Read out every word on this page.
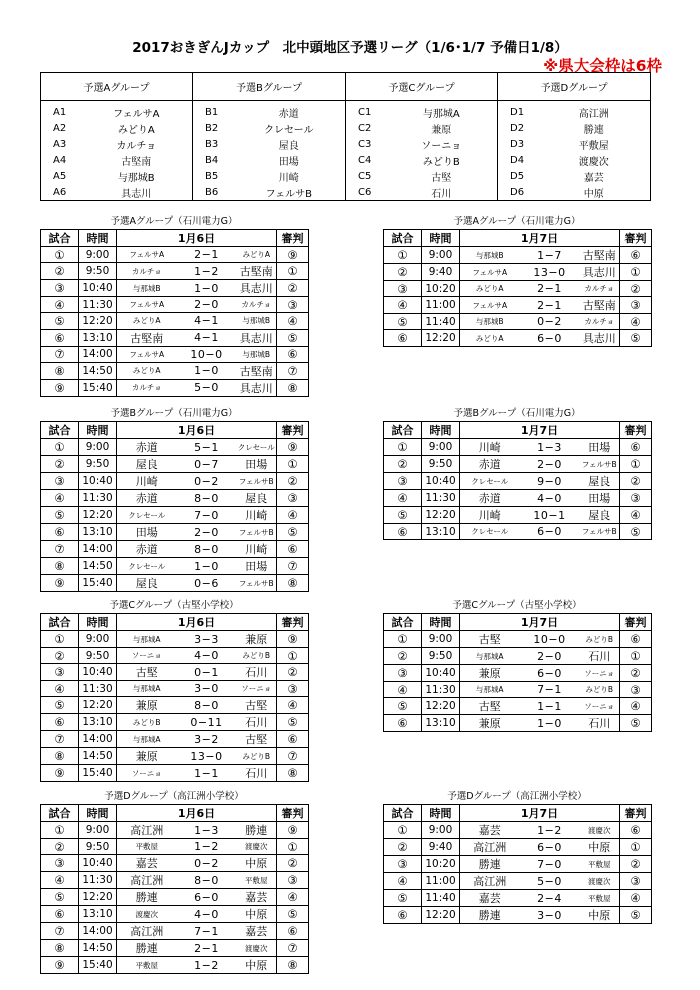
2017おきぎんJカップ　北中頭地区予選リーグ（1/6･1/7 予備日1/8）
※県大会枠は6枠
予選Aグループ		予選Bグループ		予選Cグループ		予選Dグループ	
A1	フェルサA	B1	赤道	C1	与那城A	D1	高江洲
A2	みどりA	B2	クレセール	C2	兼原	D2	勝連
A3	カルチョ	B3	屋良	C3	ソーニョ	D3	平敷屋
A4	古堅南	B4	田場	C4	みどりB	D4	渡慶次
A5	与那城B	B5	川崎	C5	古堅	D5	嘉芸
A6	具志川	B6	フェルサB	C6	石川	D6	中原
予選Aグループ（石川電力G）
試合	時間	1月6日			審判
①	9:00	フェルサA	2−1	みどりA	⑨
②	9:50	カルチョ	1−2	古堅南	①
③	10:40	与那城B	1−0	具志川	②
④	11:30	フェルサA	2−0	カルチョ	③
⑤	12:20	みどりA	4−1	与那城B	④
⑥	13:10	古堅南	4−1	具志川	⑤
⑦	14:00	フェルサA	10−0	与那城B	⑥
⑧	14:50	みどりA	1−0	古堅南	⑦
⑨	15:40	カルチョ	5−0	具志川	⑧
予選Aグループ（石川電力G）
試合	時間	1月7日			審判
①	9:00	与那城B	1−7	古堅南	⑥
②	9:40	フェルサA	13−0	具志川	①
③	10:20	みどりA	2−1	カルチョ	②
④	11:00	フェルサA	2−1	古堅南	③
⑤	11:40	与那城B	0−2	カルチョ	④
⑥	12:20	みどりA	6−0	具志川	⑤
予選Bグループ（石川電力G）
試合	時間	1月6日			審判
①	9:00	赤道	5−1	クレセール	⑨
②	9:50	屋良	0−7	田場	①
③	10:40	川崎	0−2	フェルサB	②
④	11:30	赤道	8−0	屋良	③
⑤	12:20	クレセール	7−0	川崎	④
⑥	13:10	田場	2−0	フェルサB	⑤
⑦	14:00	赤道	8−0	川崎	⑥
⑧	14:50	クレセール	1−0	田場	⑦
⑨	15:40	屋良	0−6	フェルサB	⑧
予選Bグループ（石川電力G）
試合	時間	1月7日			審判
①	9:00	川崎	1−3	田場	⑥
②	9:50	赤道	2−0	フェルサB	①
③	10:40	クレセール	9−0	屋良	②
④	11:30	赤道	4−0	田場	③
⑤	12:20	川崎	10−1	屋良	④
⑥	13:10	クレセール	6−0	フェルサB	⑤
予選Cグループ（古堅小学校）
試合	時間	1月6日			審判
①	9:00	与那城A	3−3	兼原	⑨
②	9:50	ソーニョ	4−0	みどりB	①
③	10:40	古堅	0−1	石川	②
④	11:30	与那城A	3−0	ソーニョ	③
⑤	12:20	兼原	8−0	古堅	④
⑥	13:10	みどりB	0−11	石川	⑤
⑦	14:00	与那城A	3−2	古堅	⑥
⑧	14:50	兼原	13−0	みどりB	⑦
⑨	15:40	ソーニョ	1−1	石川	⑧
予選Cグループ（古堅小学校）
試合	時間	1月7日			審判
①	9:00	古堅	10−0	みどりB	⑥
②	9:50	与那城A	2−0	石川	①
③	10:40	兼原	6−0	ソーニョ	②
④	11:30	与那城A	7−1	みどりB	③
⑤	12:20	古堅	1−1	ソーニョ	④
⑥	13:10	兼原	1−0	石川	⑤
予選Dグループ（高江洲小学校）
試合	時間	1月6日			審判
①	9:00	高江洲	1−3	勝連	⑨
②	9:50	平敷屋	1−2	渡慶次	①
③	10:40	嘉芸	0−2	中原	②
④	11:30	高江洲	8−0	平敷屋	③
⑤	12:20	勝連	6−0	嘉芸	④
⑥	13:10	渡慶次	4−0	中原	⑤
⑦	14:00	高江洲	7−1	嘉芸	⑥
⑧	14:50	勝連	2−1	渡慶次	⑦
⑨	15:40	平敷屋	1−2	中原	⑧
予選Dグループ（高江洲小学校）
試合	時間	1月7日			審判
①	9:00	嘉芸	1−2	渡慶次	⑥
②	9:40	高江洲	6−0	中原	①
③	10:20	勝連	7−0	平敷屋	②
④	11:00	高江洲	5−0	渡慶次	③
⑤	11:40	嘉芸	2−4	平敷屋	④
⑥	12:20	勝連	3−0	中原	⑤
